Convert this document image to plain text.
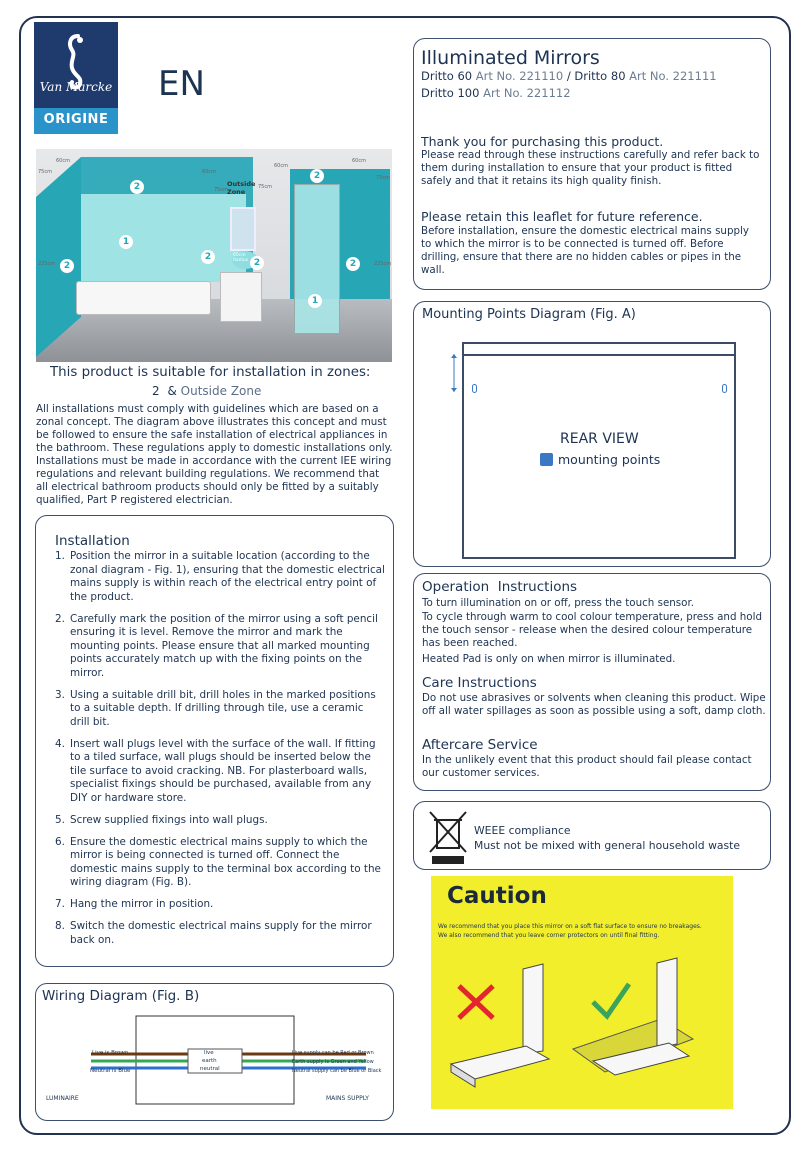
Van Marcke
ORIGINE
EN
Outside Zone
60cm Radius
2
1
2
2
2
2
2
1
60cm
75cm	60cm
75cm
60cm
75cm
60cm
75cm
225cm	225cm
This product is suitable for installation in zones:
2 & Outside Zone
All installations must comply with guidelines which are based on a zonal concept. The diagram above illustrates this concept and must be followed to ensure the safe installation of electrical appliances in the bathroom. These regulations apply to domestic installations only. Installations must be made in accordance with the current IEE wiring regulations and relevant building regulations. We recommend that all electrical bathroom products should only be fitted by a suitably qualified, Part P registered electrician.
Installation
1. Position the mirror in a suitable location (according to the zonal diagram - Fig. 1), ensuring that the domestic electrical mains supply is within reach of the electrical entry point of the product.
2. Carefully mark the position of the mirror using a soft pencil ensuring it is level. Remove the mirror and mark the mounting points. Please ensure that all marked mounting points accurately match up with the fixing points on the mirror.
3. Using a suitable drill bit, drill holes in the marked positions to a suitable depth. If drilling through tile, use a ceramic drill bit.
4. Insert wall plugs level with the surface of the wall. If fitting to a tiled surface, wall plugs should be inserted below the tile surface to avoid cracking. NB. For plasterboard walls, specialist fixings should be purchased, available from any DIY or hardware store.
5. Screw supplied fixings into wall plugs.
6. Ensure the domestic electrical mains supply to which the mirror is being connected is turned off. Connect the domestic mains supply to the terminal box according to the wiring diagram (Fig. B).
7. Hang the mirror in position.
8. Switch the domestic electrical mains supply for the mirror back on.
Wiring Diagram (Fig. B)
Live is Brown
Neutral is Blue
live
earth
neutral
Live supply can be Red or Brown
Earth supply is Green and Yellow
Neutral supply can be Blue or Black
LUMINAIRE	MAINS SUPPLY
Illuminated Mirrors
Dritto 60 Art No. 221110 / Dritto 80 Art No. 221111
Dritto 100 Art No. 221112
Thank you for purchasing this product.
Please read through these instructions carefully and refer back to them during installation to ensure that your product is fitted safely and that it retains its high quality finish.
Please retain this leaflet for future reference.
Before installation, ensure the domestic electrical mains supply to which the mirror is to be connected is turned off. Before drilling, ensure that there are no hidden cables or pipes in the wall.
Mounting Points Diagram (Fig. A)
REAR VIEW
mounting points
Operation  Instructions
To turn illumination on or off, press the touch sensor.
To cycle through warm to cool colour temperature, press and hold the touch sensor - release when the desired colour temperature has been reached.
Heated Pad is only on when mirror is illuminated.
Care Instructions
Do not use abrasives or solvents when cleaning this product. Wipe off all water spillages as soon as possible using a soft, damp cloth.
Aftercare Service
In the unlikely event that this product should fail please contact our customer services.
WEEE compliance
Must not be mixed with general household waste
Caution
We recommend that you place this mirror on a soft flat surface to ensure no breakages.
We also recommend that you leave corner protectors on until final fitting.
